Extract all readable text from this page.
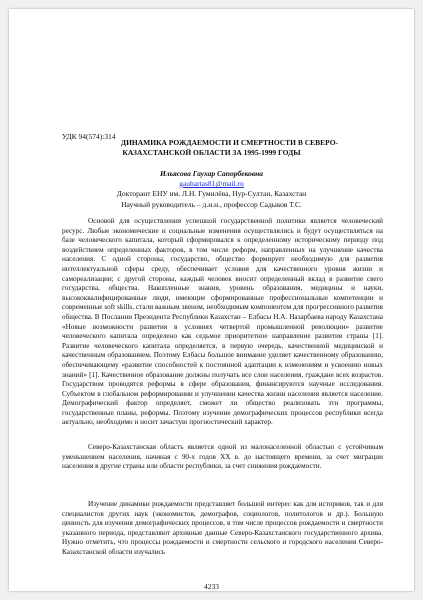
УДК 94(574):314
ДИНАМИКА РОЖДАЕМОСТИ И СМЕРТНОСТИ В СЕВЕРО-
КАЗАХСТАНСКОЙ ОБЛАСТИ ЗА 1995-1999 ГОДЫ
Ильясова Гаухар Сапорбековна
gauhartas81@mail.ru
Докторант ЕНУ им. Л.Н. Гумилёва, Нур-Султан, Казахстан
Научный руководитель – д.и.н., профессор Садыков Т.С.

Основой для осуществления успешной государственной политики является человеческий ресурс. Любые экономические и социальные изменения осуществлялись и будут осуществляться на базе человеческого капитала, который сформировался к определенному историческому периоду под воздействием определенных факторов, в том числе реформ, направленных на улучшение качества населения. С одной стороны, государство, общество формирует необходимую для развития интеллектуальной сферы среду, обеспечивает условия для качественного уровня жизни и самореализации; с другой стороны, каждый человек вносит определенный вклад в развитие свего государства, общества. Накопленные знания, уровень образования, медицины и науки, высококвалифицированные люди, имеющие сформированные профессиональные компетенции и современные soft skills, стали важным звеном, необходимым компонентом для прогрессивного развития общества. В Послании Президента Республики Казахстан – Елбасы Н.А. Назарбаева народу Казахстана «Новые возможности развития в условиях четвертой промышленной революции» развитие человеческого капитала определено как седьмое приоритетное направление развития страны [1]. Развитие человеческого капитала определяется, в первую очередь, качественной медицинской и качественным образованием. Поэтому Елбасы большое внимание уделяет качественному образованию, обеспечивающему «развитие способностей к постоянной адаптации к изменениям и усвоению новых знаний» [1]. Качественное образование должны получать все слои населения, граждане всех возрастов. Государством проводятся реформы в сфере образования, финансируются научные исследования. Субъектом в глобальном реформировании и улучшении качества жизни населения является население. Демографический фактор определяет, сможет ли общество реализовать эти программы, государственные планы, реформы. Поэтому изучение демографических процессов республики всегда актуально, необходимо и носит зачастую прогностический характер.

Северо-Казахстанская область является одной из малонаселенной областью с устойчивым уменьшением населения, начиная с 90-х годов XX в. до настоящего времени, за счет миграции населения в другие страны или области республики, за счет снижения рождаемости.

Изучение динамики рождаемости представляет большой интерес как для историков, так и для специалистов других наук (экономистов, демографов, социологов, политологов и др.). Большую ценность для изучения демографических процессов, в том числе процессов рождаемости и смертности указанного периода, представляют архивные данные Северо-Казахстанского государственного архива. Нужно отметить, что процессы рождаемости и смертности сельского и городского населения Северо-Казахстанской области изучались

4233
